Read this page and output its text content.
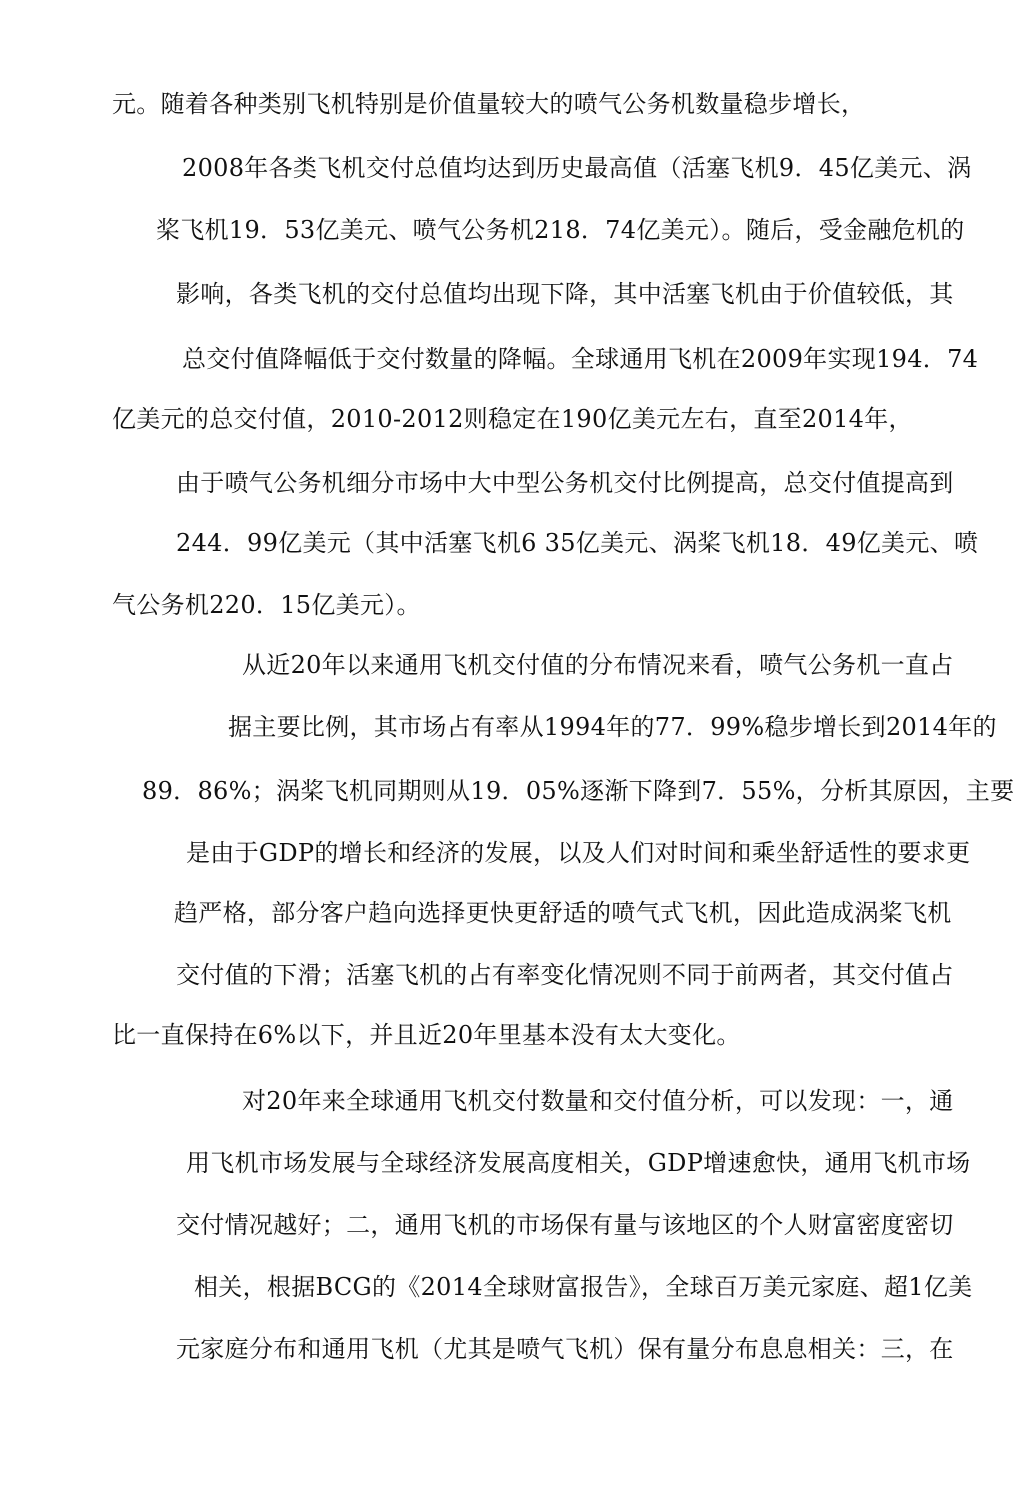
元。随着各种类别飞机特别是价值量较大的喷气公务机数量稳步增长，
2008年各类飞机交付总值均达到历史最高值（活塞飞机9．45亿美元、涡
桨飞机19．53亿美元、喷气公务机218．74亿美元）。随后，受金融危机的
影响，各类飞机的交付总值均出现下降，其中活塞飞机由于价值较低，其
总交付值降幅低于交付数量的降幅。全球通用飞机在2009年实现194．74
亿美元的总交付值，2010-2012则稳定在190亿美元左右，直至2014年，
由于喷气公务机细分市场中大中型公务机交付比例提高，总交付值提高到
244．99亿美元（其中活塞飞机6 35亿美元、涡桨飞机18．49亿美元、喷
气公务机220．15亿美元）。
从近20年以来通用飞机交付值的分布情况来看，喷气公务机一直占
据主要比例，其市场占有率从1994年的77．99%稳步增长到2014年的
89．86%；涡桨飞机同期则从19．05%逐渐下降到7．55%，分析其原因，主要
是由于GDP的增长和经济的发展，以及人们对时间和乘坐舒适性的要求更
趋严格，部分客户趋向选择更快更舒适的喷气式飞机，因此造成涡桨飞机
交付值的下滑；活塞飞机的占有率变化情况则不同于前两者，其交付值占
比一直保持在6%以下，并且近20年里基本没有太大变化。
对20年来全球通用飞机交付数量和交付值分析，可以发现：一，通
用飞机市场发展与全球经济发展高度相关，GDP增速愈快，通用飞机市场
交付情况越好；二，通用飞机的市场保有量与该地区的个人财富密度密切
相关，根据BCG的《2014全球财富报告》，全球百万美元家庭、超1亿美
元家庭分布和通用飞机（尤其是喷气飞机）保有量分布息息相关：三，在
